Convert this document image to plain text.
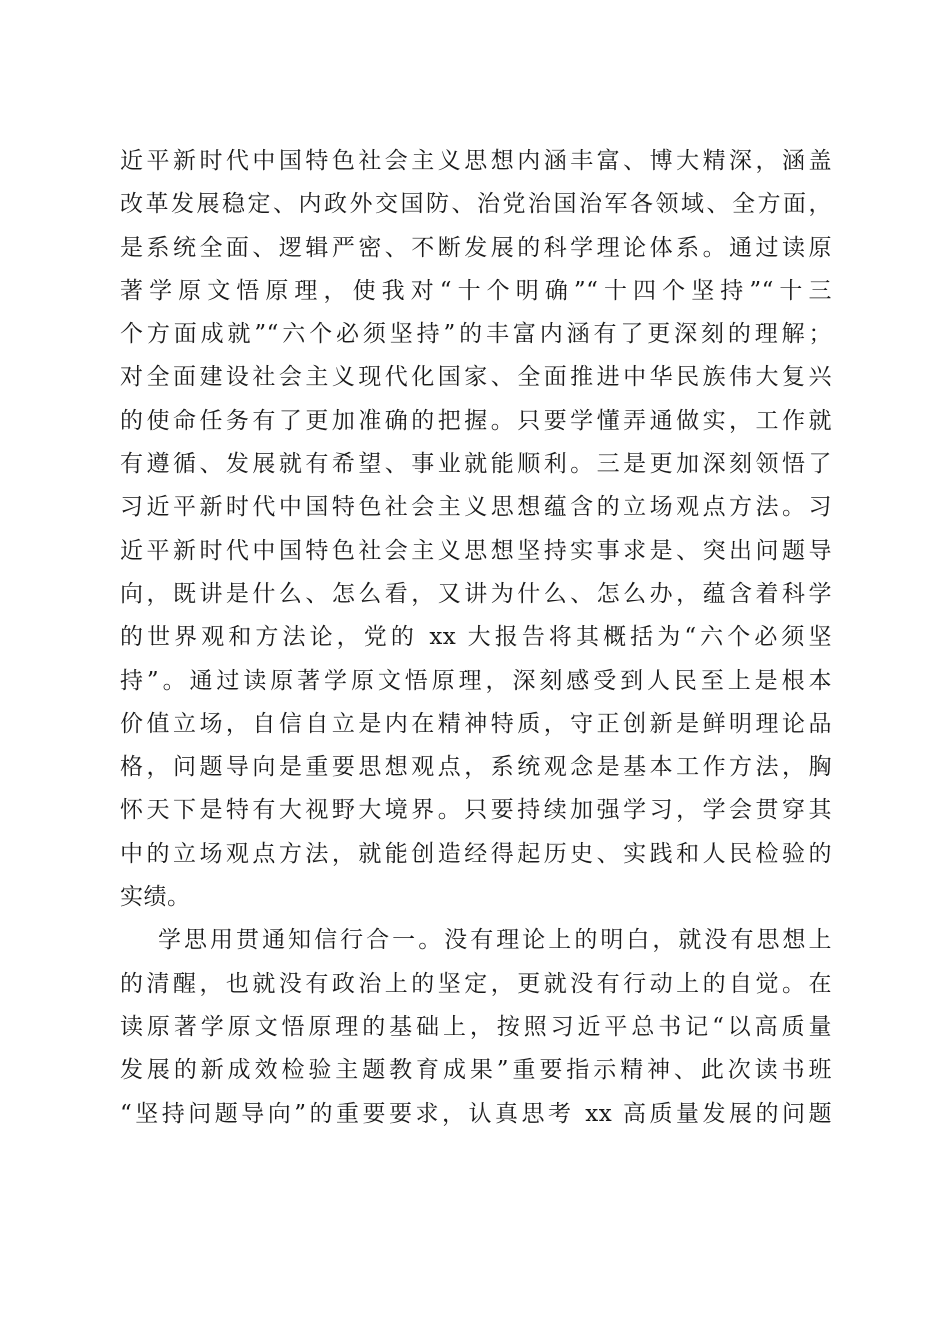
近平新时代中国特色社会主义思想内涵丰富、博大精深，涵盖
改革发展稳定、内政外交国防、治党治国治军各领域、全方面，
是系统全面、逻辑严密、不断发展的科学理论体系。通过读原
著学原文悟原理，使我对“十个明确”“十四个坚持”“十三
个方面成就”“六个必须坚持”的丰富内涵有了更深刻的理解；
对全面建设社会主义现代化国家、全面推进中华民族伟大复兴
的使命任务有了更加准确的把握。只要学懂弄通做实，工作就
有遵循、发展就有希望、事业就能顺利。三是更加深刻领悟了
习近平新时代中国特色社会主义思想蕴含的立场观点方法。习
近平新时代中国特色社会主义思想坚持实事求是、突出问题导
向，既讲是什么、怎么看，又讲为什么、怎么办，蕴含着科学
的世界观和方法论，党的 xx 大报告将其概括为“六个必须坚
持”。通过读原著学原文悟原理，深刻感受到人民至上是根本
价值立场，自信自立是内在精神特质，守正创新是鲜明理论品
格，问题导向是重要思想观点，系统观念是基本工作方法，胸
怀天下是特有大视野大境界。只要持续加强学习，学会贯穿其
中的立场观点方法，就能创造经得起历史、实践和人民检验的
实绩。
学思用贯通知信行合一。没有理论上的明白，就没有思想上
的清醒，也就没有政治上的坚定，更就没有行动上的自觉。在
读原著学原文悟原理的基础上，按照习近平总书记“以高质量
发展的新成效检验主题教育成果”重要指示精神、此次读书班
“坚持问题导向”的重要要求，认真思考 xx 高质量发展的问题
